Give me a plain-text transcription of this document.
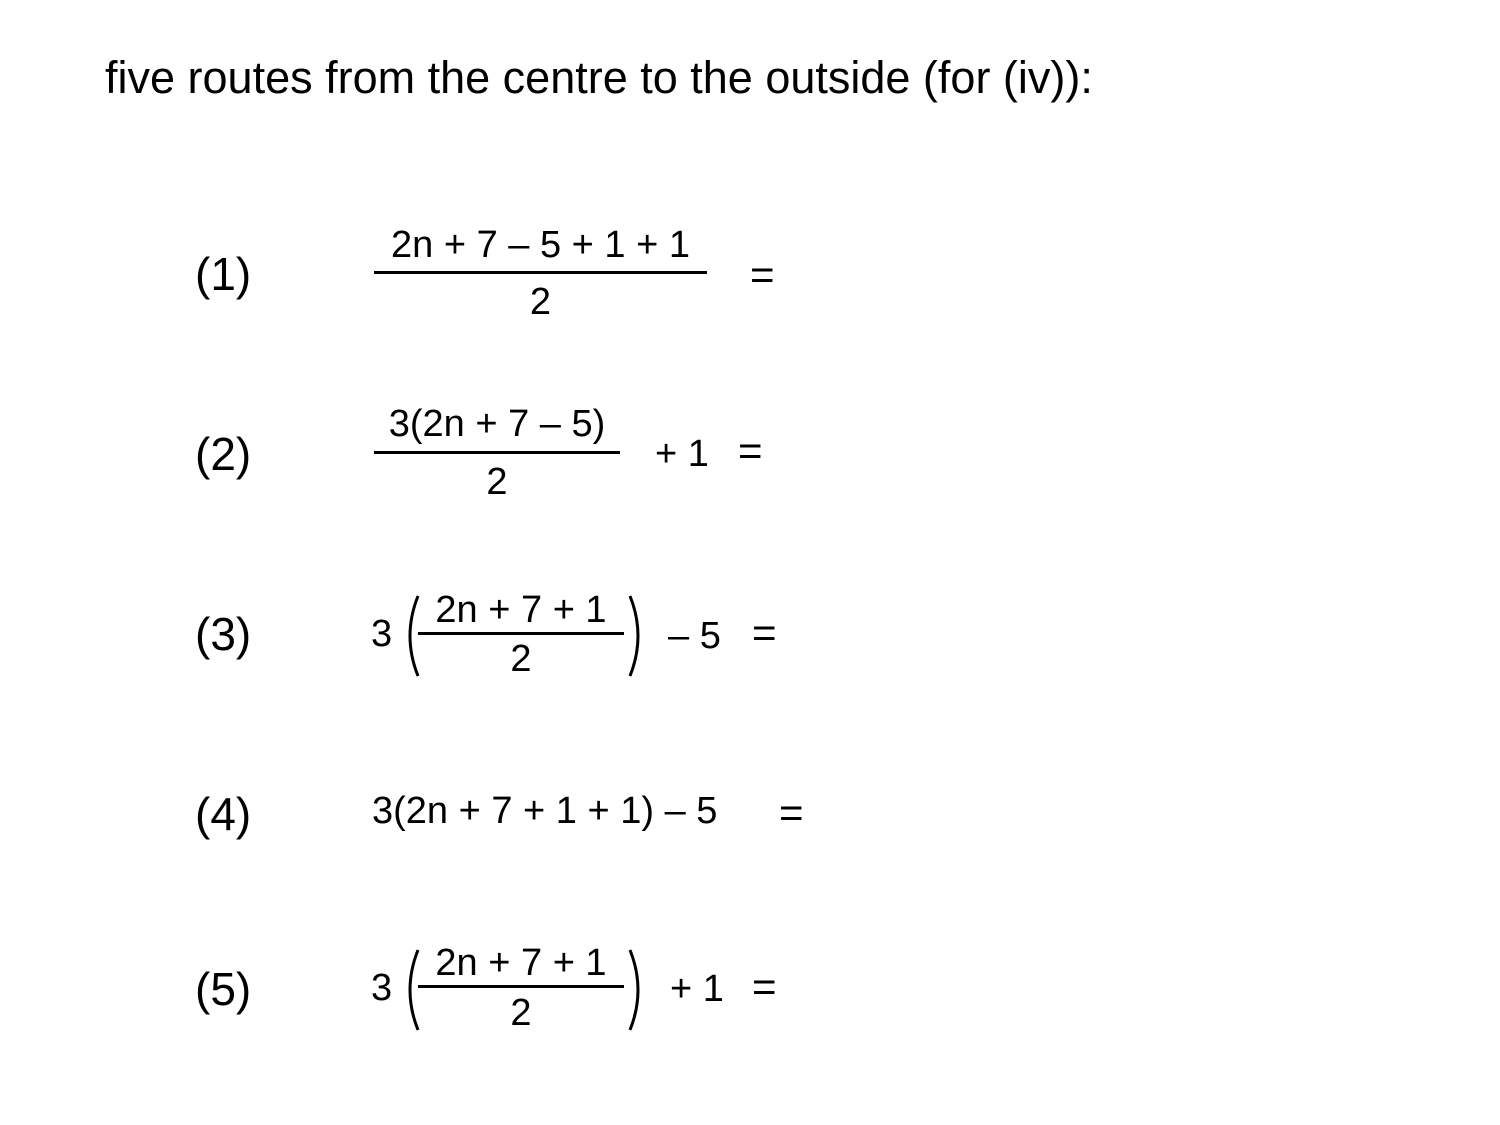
five routes from the centre to the outside (for (iv)):
(1)
2n + 7 – 5 + 1 + 1
2
=
(2)
3(2n + 7 – 5)
2
+ 1 =
(3)	3
2n + 7 + 1
2
– 5 =
(4)	3(2n + 7 + 1 + 1) – 5 =
(5)	3
2n + 7 + 1
2
+ 1 =
